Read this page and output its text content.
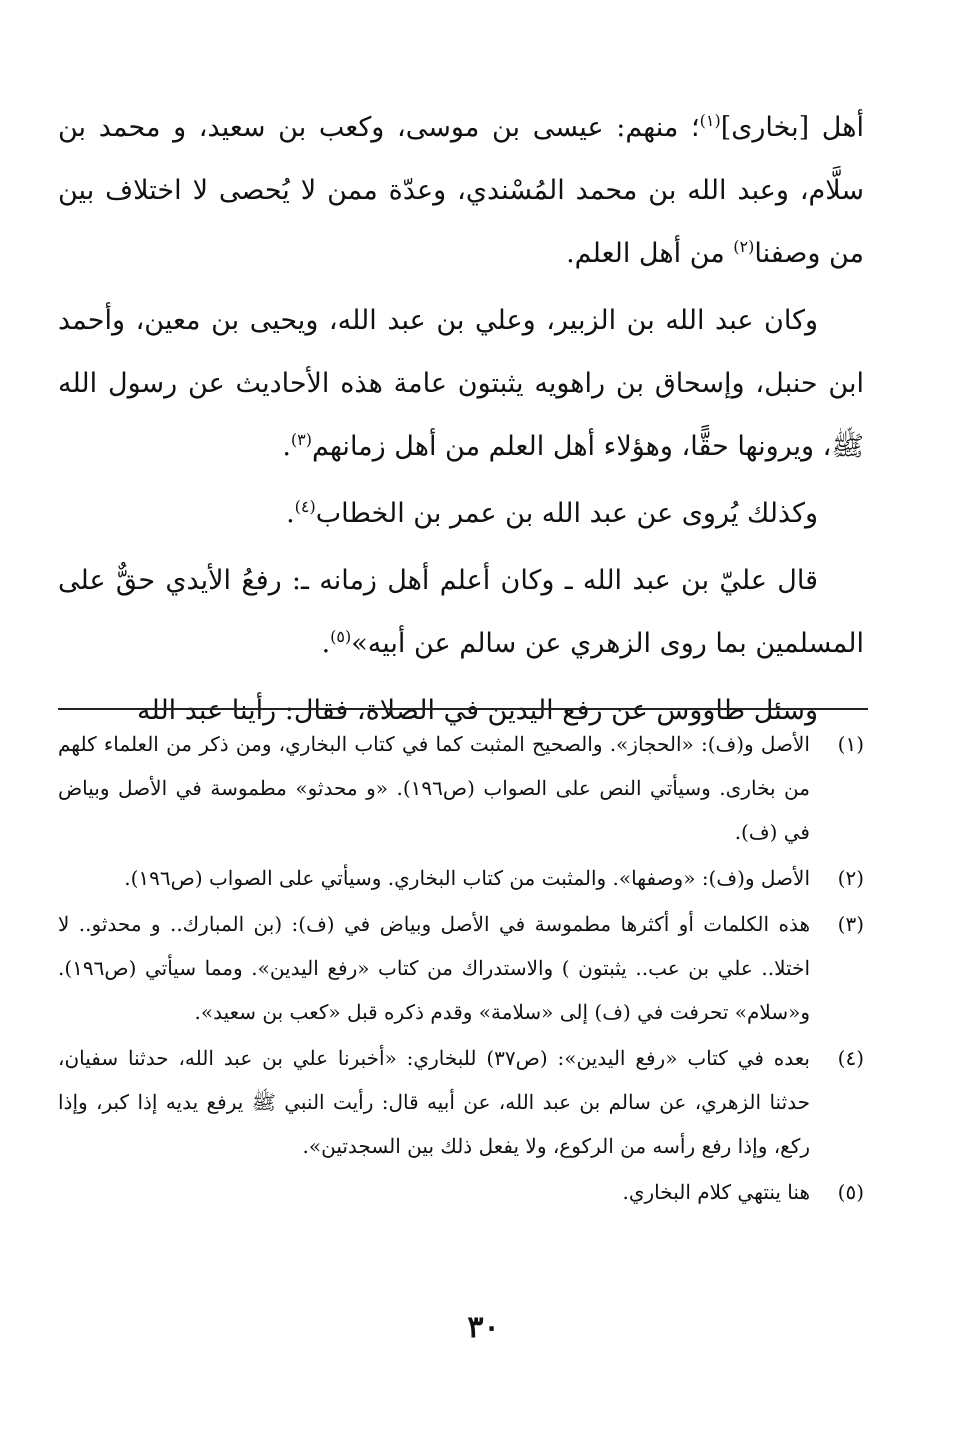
أهل [بخارى]$^{(١)}$؛ منهم: عيسى بن موسى، وكعب بن سعيد، و محمد بن سلَّام، وعبد الله بن محمد المُسْندي، وعدّة ممن لا يُحصى لا اختلاف بين من وصفنا$^{(٢)}$ من أهل العلم.

وكان عبد الله بن الزبير، وعلي بن عبد الله، ويحيى بن معين، وأحمد ابن حنبل، وإسحاق بن راهويه يثبتون عامة هذه الأحاديث عن رسول الله ﷺ، ويرونها حقًّا، وهؤلاء أهل العلم من أهل زمانهم$^{(٣)}$.

وكذلك يُروى عن عبد الله بن عمر بن الخطاب$^{(٤)}$.

قال عليّ بن عبد الله ـ وكان أعلم أهل زمانه ـ: رفعُ الأيدي حقٌّ على المسلمين بما روى الزهري عن سالم عن أبيه»$^{(٥)}$.

وسئل طاووس عن رفع اليدين في الصلاة، فقال: رأينا عبد الله

(١)
الأصل و(ف): «الحجاز». والصحيح المثبت كما في كتاب البخاري، ومن ذكر من العلماء كلهم من بخارى. وسيأتي النص على الصواب (ص١٩٦). «و محدثو» مطموسة في الأصل وبياض في (ف).
(٢)
الأصل و(ف): «وصفها». والمثبت من كتاب البخاري. وسيأتي على الصواب (ص١٩٦).
(٣)
هذه الكلمات أو أكثرها مطموسة في الأصل وبياض في (ف): (بن المبارك.. و محدثو.. لا اختلا.. علي بن عب.. يثبتون ) والاستدراك من كتاب «رفع اليدين». ومما سيأتي (ص١٩٦). و«سلام» تحرفت في (ف) إلى «سلامة» وقدم ذكره قبل «كعب بن سعيد».
(٤)
بعده في كتاب «رفع اليدين»: (ص٣٧) للبخاري: «أخبرنا علي بن عبد الله، حدثنا سفيان، حدثنا الزهري، عن سالم بن عبد الله، عن أبيه قال: رأيت النبي ﷺ يرفع يديه إذا كبر، وإذا ركع، وإذا رفع رأسه من الركوع، ولا يفعل ذلك بين السجدتين».
(٥)
هنا ينتهي كلام البخاري.
٣٠
